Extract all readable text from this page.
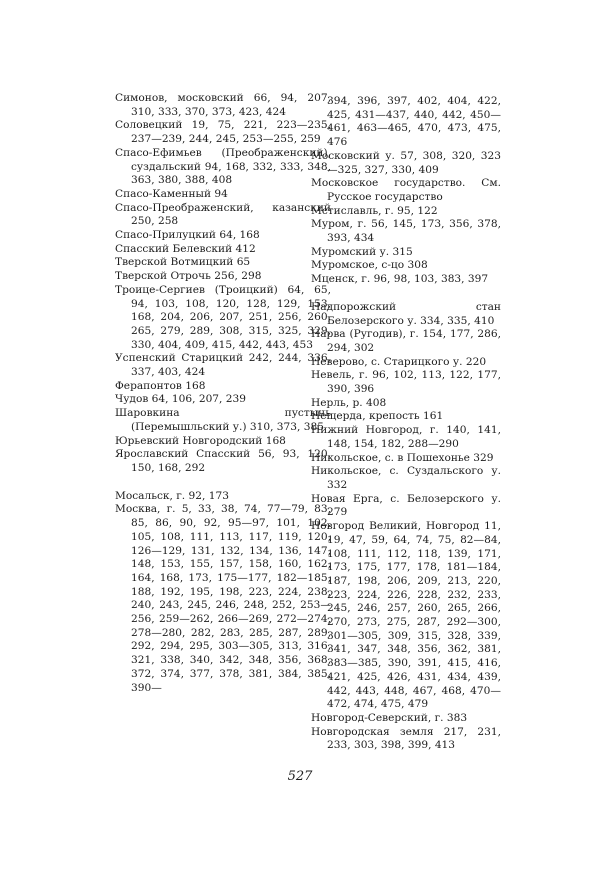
Симонов, московский 66, 94, 207, 310, 333, 370, 373, 423, 424
Соловецкий 19, 75, 221, 223—235, 237—239, 244, 245, 253—255, 259
Спасо-Ефимьев (Преображенский), суздальский 94, 168, 332, 333, 348, 363, 380, 388, 408
Спасо-Каменный 94
Спасо-Преображенский, казанский 250, 258
Спасо-Прилуцкий 64, 168
Спасский Белевский 412
Тверской Вотмицкий 65
Тверской Отрочь 256, 298
Троице-Сергиев (Троицкий) 64, 65, 94, 103, 108, 120, 128, 129, 153, 168, 204, 206, 207, 251, 256, 260, 265, 279, 289, 308, 315, 325, 329, 330, 404, 409, 415, 442, 443, 453
Успенский Старицкий 242, 244, 336, 337, 403, 424
Ферапонтов 168
Чудов 64, 106, 207, 239
Шаровкина пустынь (Перемышльский у.) 310, 373, 385
Юрьевский Новгородский 168
Ярославский Спасский 56, 93, 120, 150, 168, 292
Мосальск, г. 92, 173
Москва, г. 5, 33, 38, 74, 77—79, 83, 85, 86, 90, 92, 95—97, 101, 102, 105, 108, 111, 113, 117, 119, 120, 126—129, 131, 132, 134, 136, 147, 148, 153, 155, 157, 158, 160, 162, 164, 168, 173, 175—177, 182—185, 188, 192, 195, 198, 223, 224, 238, 240, 243, 245, 246, 248, 252, 253—256, 259—262, 266—269, 272—274, 278—280, 282, 283, 285, 287, 289, 292, 294, 295, 303—305, 313, 316, 321, 338, 340, 342, 348, 356, 368, 372, 374, 377, 378, 381, 384, 385, 390—
394, 396, 397, 402, 404, 422, 425, 431—437, 440, 442, 450—461, 463—465, 470, 473, 475, 476
Московский у. 57, 308, 320, 323—325, 327, 330, 409
Московское государство. См. Русское государство
Мстиславль, г. 95, 122
Муром, г. 56, 145, 173, 356, 378, 393, 434
Муромский у. 315
Муромское, с-цо 308
Мценск, г. 96, 98, 103, 383, 397
Надпорожский стан Белозерского у. 334, 335, 410
Нарва (Ругодив), г. 154, 177, 286, 294, 302
Неверово, с. Старицкого у. 220
Невель, г. 96, 102, 113, 122, 177, 390, 396
Нерль, р. 408
Нещерда, крепость 161
Нижний Новгород, г. 140, 141, 148, 154, 182, 288—290
Никольское, с. в Пошехонье 329
Никольское, с. Суздальского у. 332
Новая Ерга, с. Белозерского у. 279
Новгород Великий, Новгород 11, 19, 47, 59, 64, 74, 75, 82—84, 108, 111, 112, 118, 139, 171, 173, 175, 177, 178, 181—184, 187, 198, 206, 209, 213, 220, 223, 224, 226, 228, 232, 233, 245, 246, 257, 260, 265, 266, 270, 273, 275, 287, 292—300, 301—305, 309, 315, 328, 339, 341, 347, 348, 356, 362, 381, 383—385, 390, 391, 415, 416, 421, 425, 426, 431, 434, 439, 442, 443, 448, 467, 468, 470—472, 474, 475, 479
Новгород-Северский, г. 383
Новгородская земля 217, 231, 233, 303, 398, 399, 413
527
